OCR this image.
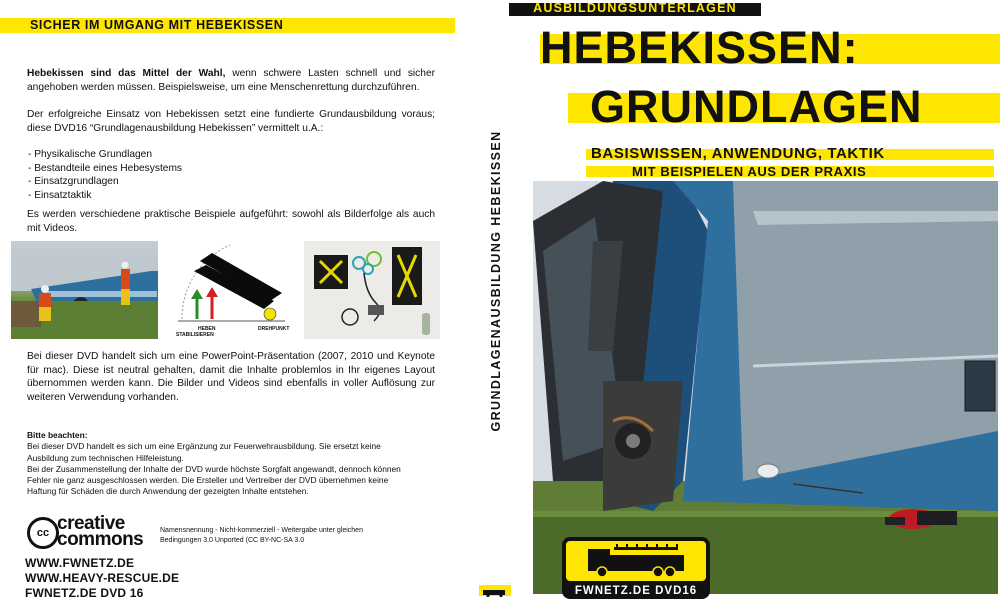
SICHER IM UMGANG MIT HEBEKISSEN
Hebekissen sind das Mittel der Wahl, wenn schwere Lasten schnell und sicher angehoben werden müssen. Beispielsweise, um eine Menschenrettung durchzuführen.
Der erfolgreiche Einsatz von Hebekissen setzt eine fundierte Grundausbildung voraus; diese DVD16 “Grundlagenausbildung Hebekissen” vermittelt u.A.:
- Physikalische Grundlagen
- Bestandteile eines Hebesystems
- Einsatzgrundlagen
- Einsatztaktik
Es werden verschiedene praktische Beispiele aufgeführt: sowohl als Bilderfolge als auch mit Videos.
HEBEN
STABILISIEREN
DREHPUNKT
Bei dieser DVD handelt sich um eine PowerPoint-Präsentation (2007, 2010 und Keynote für mac). Diese ist neutral gehalten, damit die Inhalte problemlos in Ihr eigenes Layout übernommen werden kann. Die Bilder und Videos sind ebenfalls in voller Auflösung zur weiteren Verwendung vorhanden.
Bitte beachten:
Bei dieser DVD handelt es sich um eine Ergänzung zur Feuerwehrausbildung. Sie ersetzt keine
Ausbildung zum technischen Hilfeleistung.
Bei der Zusammenstellung der Inhalte der DVD wurde höchste Sorgfalt angewandt, dennoch können
Fehler nie ganz ausgeschlossen werden. Die Ersteller und Vertreiber der DVD übernehmen keine
Haftung für Schäden die durch Anwendung der gezeigten Inhalte entstehen.
cc creative
commons Namensnennung - Nicht-kommerziell - Weitergabe unter gleichen
Bedingungen 3.0 Unported (CC BY-NC-SA 3.0
WWW.FWNETZ.DE
WWW.HEAVY-RESCUE.DE
FWNETZ.DE DVD 16
GRUNDLAGENAUSBILDUNG HEBEKISSEN
AUSBILDUNGSUNTERLAGEN
HEBEKISSEN:
GRUNDLAGEN
BASISWISSEN, ANWENDUNG, TAKTIK
MIT BEISPIELEN AUS DER PRAXIS
FWNETZ.DE DVD16
